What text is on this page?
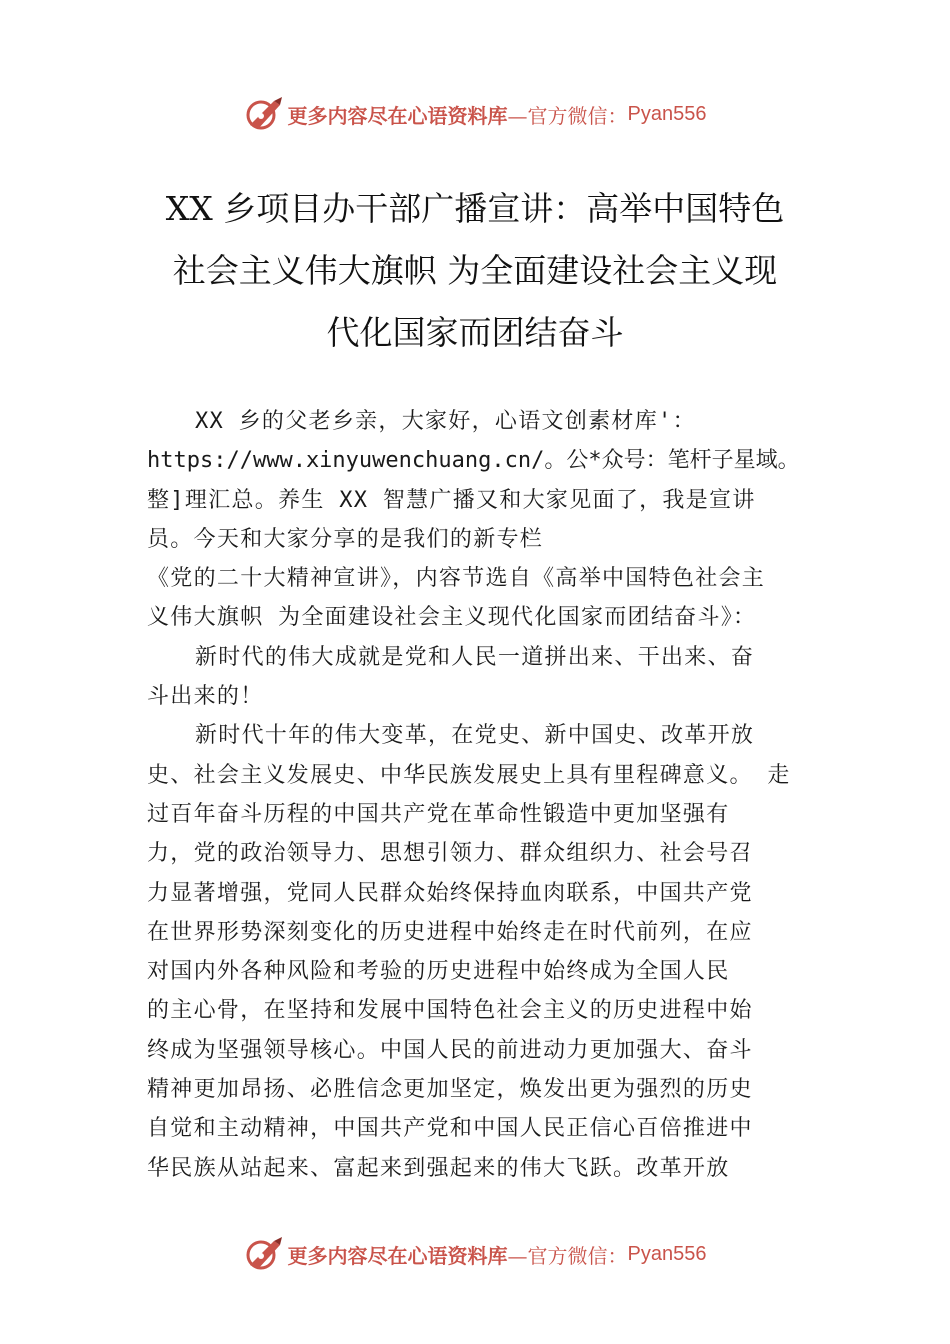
更多内容尽在心语资料库 —官方微信： Pyan556
XX 乡项目办干部广播宣讲：高举中国特色
社会主义伟大旗帜 为全面建设社会主义现
代化国家而团结奋斗
XX 乡的父老乡亲，大家好，心语文创素材库'：
https://www.xinyuwenchuang.cn/。公*众号：笔杆子星域。
整]理汇总。养生 XX 智慧广播又和大家见面了，我是宣讲
员。今天和大家分享的是我们的新专栏
《党的二十大精神宣讲》，内容节选自《高举中国特色社会主
义伟大旗帜 为全面建设社会主义现代化国家而团结奋斗》：
新时代的伟大成就是党和人民一道拼出来、干出来、奋
斗出来的！
新时代十年的伟大变革，在党史、新中国史、改革开放
史、社会主义发展史、中华民族发展史上具有里程碑意义。 走
过百年奋斗历程的中国共产党在革命性锻造中更加坚强有
力，党的政治领导力、思想引领力、群众组织力、社会号召
力显著增强，党同人民群众始终保持血肉联系，中国共产党
在世界形势深刻变化的历史进程中始终走在时代前列，在应
对国内外各种风险和考验的历史进程中始终成为全国人民
的主心骨，在坚持和发展中国特色社会主义的历史进程中始
终成为坚强领导核心。中国人民的前进动力更加强大、奋斗
精神更加昂扬、必胜信念更加坚定，焕发出更为强烈的历史
自觉和主动精神，中国共产党和中国人民正信心百倍推进中
华民族从站起来、富起来到强起来的伟大飞跃。改革开放
更多内容尽在心语资料库 —官方微信： Pyan556
